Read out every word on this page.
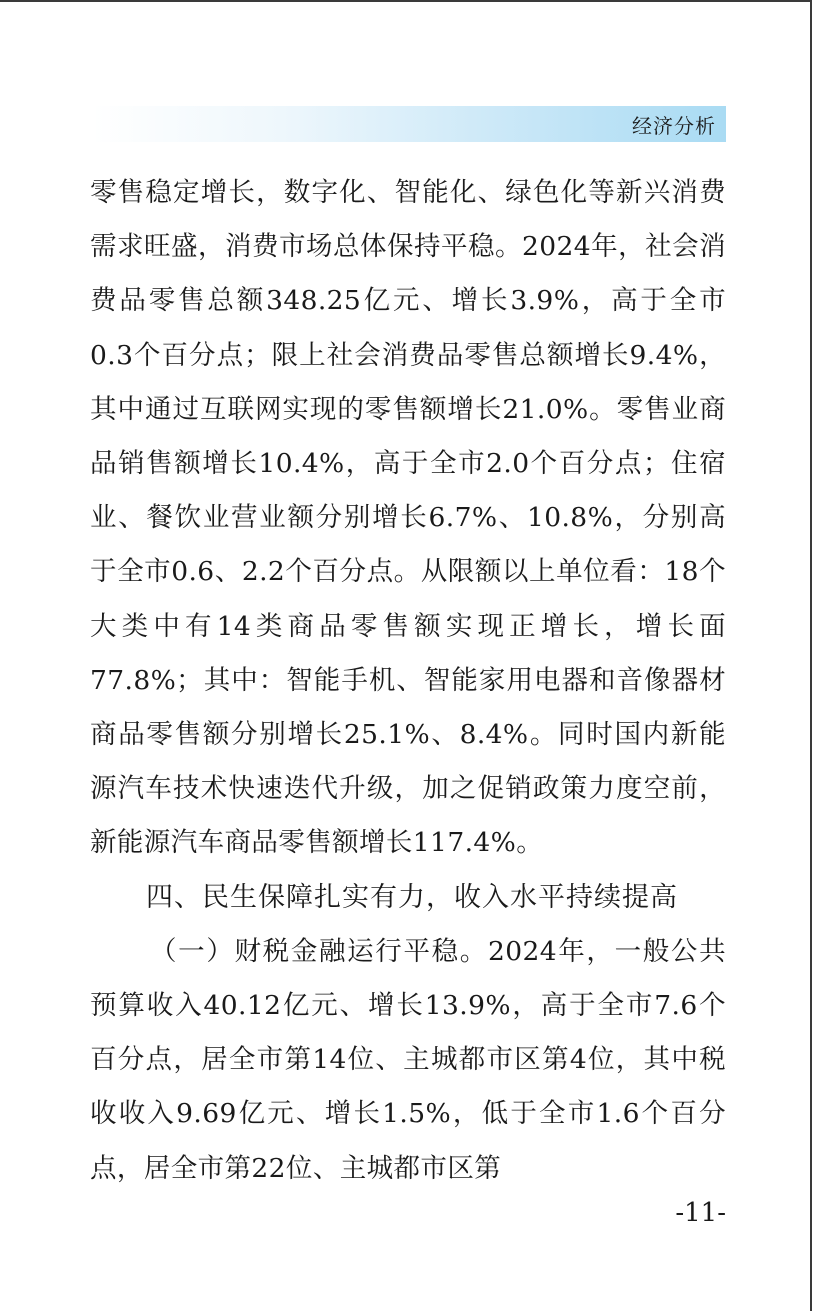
经济分析

零售稳定增长，数字化、智能化、绿色化等新兴消费需求旺盛，消费市场总体保持平稳。2024年，社会消费品零售总额348.25亿元、增长3.9%，高于全市0.3个百分点；限上社会消费品零售总额增长9.4%，其中通过互联网实现的零售额增长21.0%。零售业商品销售额增长10.4%，高于全市2.0个百分点；住宿业、餐饮业营业额分别增长6.7%、10.8%，分别高于全市0.6、2.2个百分点。从限额以上单位看：18个大类中有14类商品零售额实现正增长，增长面77.8%；其中：智能手机、智能家用电器和音像器材商品零售额分别增长25.1%、8.4%。同时国内新能源汽车技术快速迭代升级，加之促销政策力度空前，新能源汽车商品零售额增长117.4%。

四、民生保障扎实有力，收入水平持续提高

（一）财税金融运行平稳。2024年，一般公共预算收入40.12亿元、增长13.9%，高于全市7.6个百分点，居全市第14位、主城都市区第4位，其中税收收入9.69亿元、增长1.5%，低于全市1.6个百分点，居全市第22位、主城都市区第

-11-
